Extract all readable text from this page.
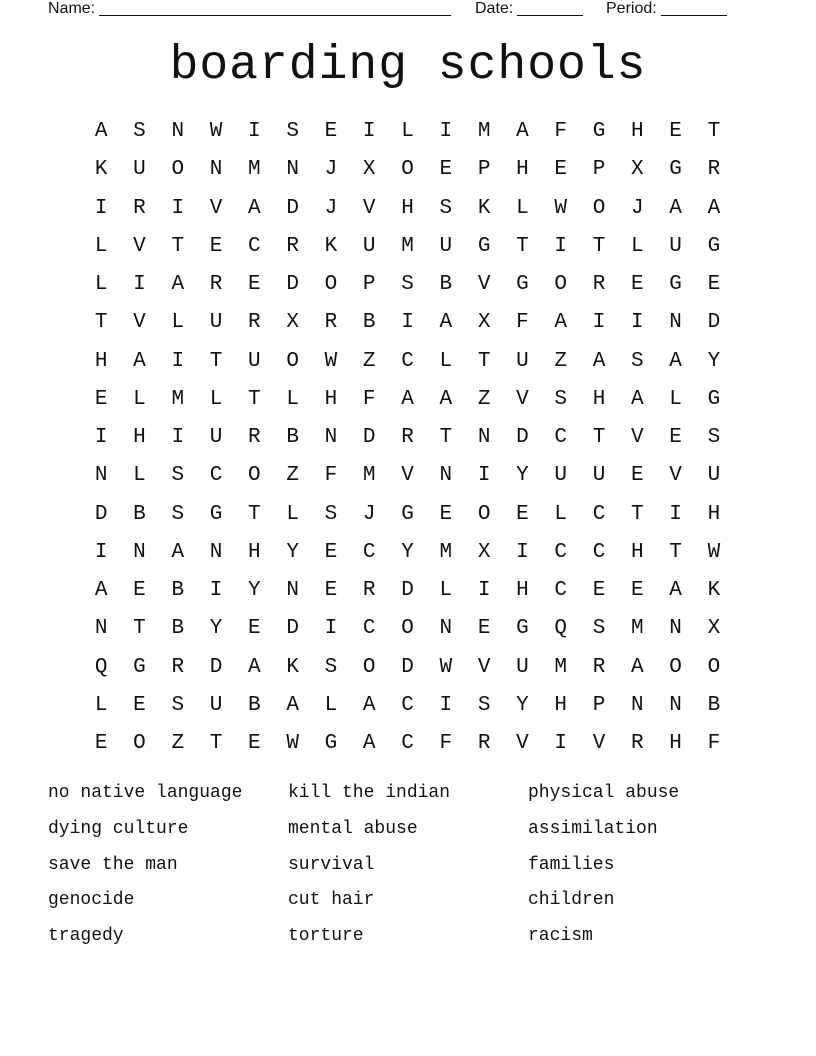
Name:	Date:	Period:
boarding schools
A	S	N	W	I	S	E	I	L	I	M	A	F	G	H	E	T
K	U	O	N	M	N	J	X	O	E	P	H	E	P	X	G	R
I	R	I	V	A	D	J	V	H	S	K	L	W	O	J	A	A
L	V	T	E	C	R	K	U	M	U	G	T	I	T	L	U	G
L	I	A	R	E	D	O	P	S	B	V	G	O	R	E	G	E
T	V	L	U	R	X	R	B	I	A	X	F	A	I	I	N	D
H	A	I	T	U	O	W	Z	C	L	T	U	Z	A	S	A	Y
E	L	M	L	T	L	H	F	A	A	Z	V	S	H	A	L	G
I	H	I	U	R	B	N	D	R	T	N	D	C	T	V	E	S
N	L	S	C	O	Z	F	M	V	N	I	Y	U	U	E	V	U
D	B	S	G	T	L	S	J	G	E	O	E	L	C	T	I	H
I	N	A	N	H	Y	E	C	Y	M	X	I	C	C	H	T	W
A	E	B	I	Y	N	E	R	D	L	I	H	C	E	E	A	K
N	T	B	Y	E	D	I	C	O	N	E	G	Q	S	M	N	X
Q	G	R	D	A	K	S	O	D	W	V	U	M	R	A	O	O
L	E	S	U	B	A	L	A	C	I	S	Y	H	P	N	N	B
E	O	Z	T	E	W	G	A	C	F	R	V	I	V	R	H	F
no native language	kill the indian	physical abuse
dying culture	mental abuse	assimilation
save the man	survival	families
genocide	cut hair	children
tragedy	torture	racism
